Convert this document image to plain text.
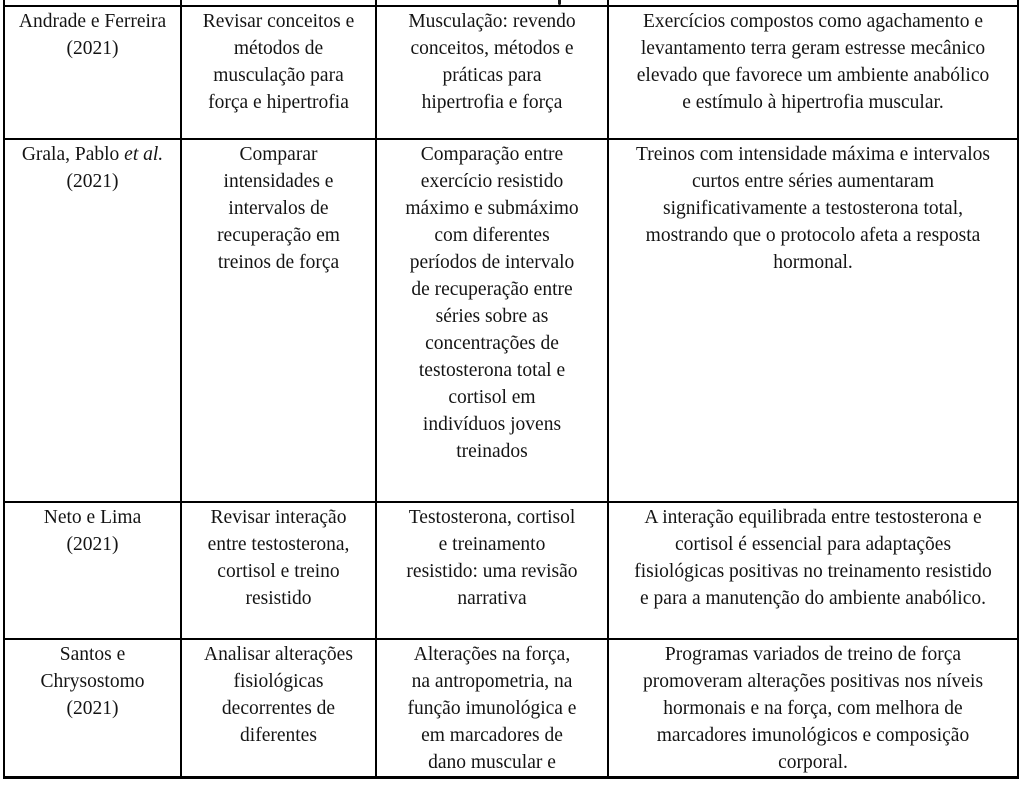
Andrade e Ferreira (2021)	Revisar conceitos e métodos de musculação para força e hipertrofia	Musculação: revendo conceitos, métodos e práticas para hipertrofia e força	Exercícios compostos como agachamento e levantamento terra geram estresse mecânico elevado que favorece um ambiente anabólico e estímulo à hipertrofia muscular.
Grala, Pablo et al. (2021)	Comparar intensidades e intervalos de recuperação em treinos de força	Comparação entre exercício resistido máximo e submáximo com diferentes períodos de intervalo de recuperação entre séries sobre as concentrações de testosterona total e cortisol em indivíduos jovens treinados	Treinos com intensidade máxima e intervalos curtos entre séries aumentaram significativamente a testosterona total, mostrando que o protocolo afeta a resposta hormonal.
Neto e Lima (2021)	Revisar interação entre testosterona, cortisol e treino resistido	Testosterona, cortisol e treinamento resistido: uma revisão narrativa	A interação equilibrada entre testosterona e cortisol é essencial para adaptações fisiológicas positivas no treinamento resistido e para a manutenção do ambiente anabólico.
Santos e Chrysostomo (2021)	Analisar alterações fisiológicas decorrentes de diferentes	Alterações na força, na antropometria, na função imunológica e em marcadores de dano muscular e	Programas variados de treino de força promoveram alterações positivas nos níveis hormonais e na força, com melhora de marcadores imunológicos e composição corporal.
